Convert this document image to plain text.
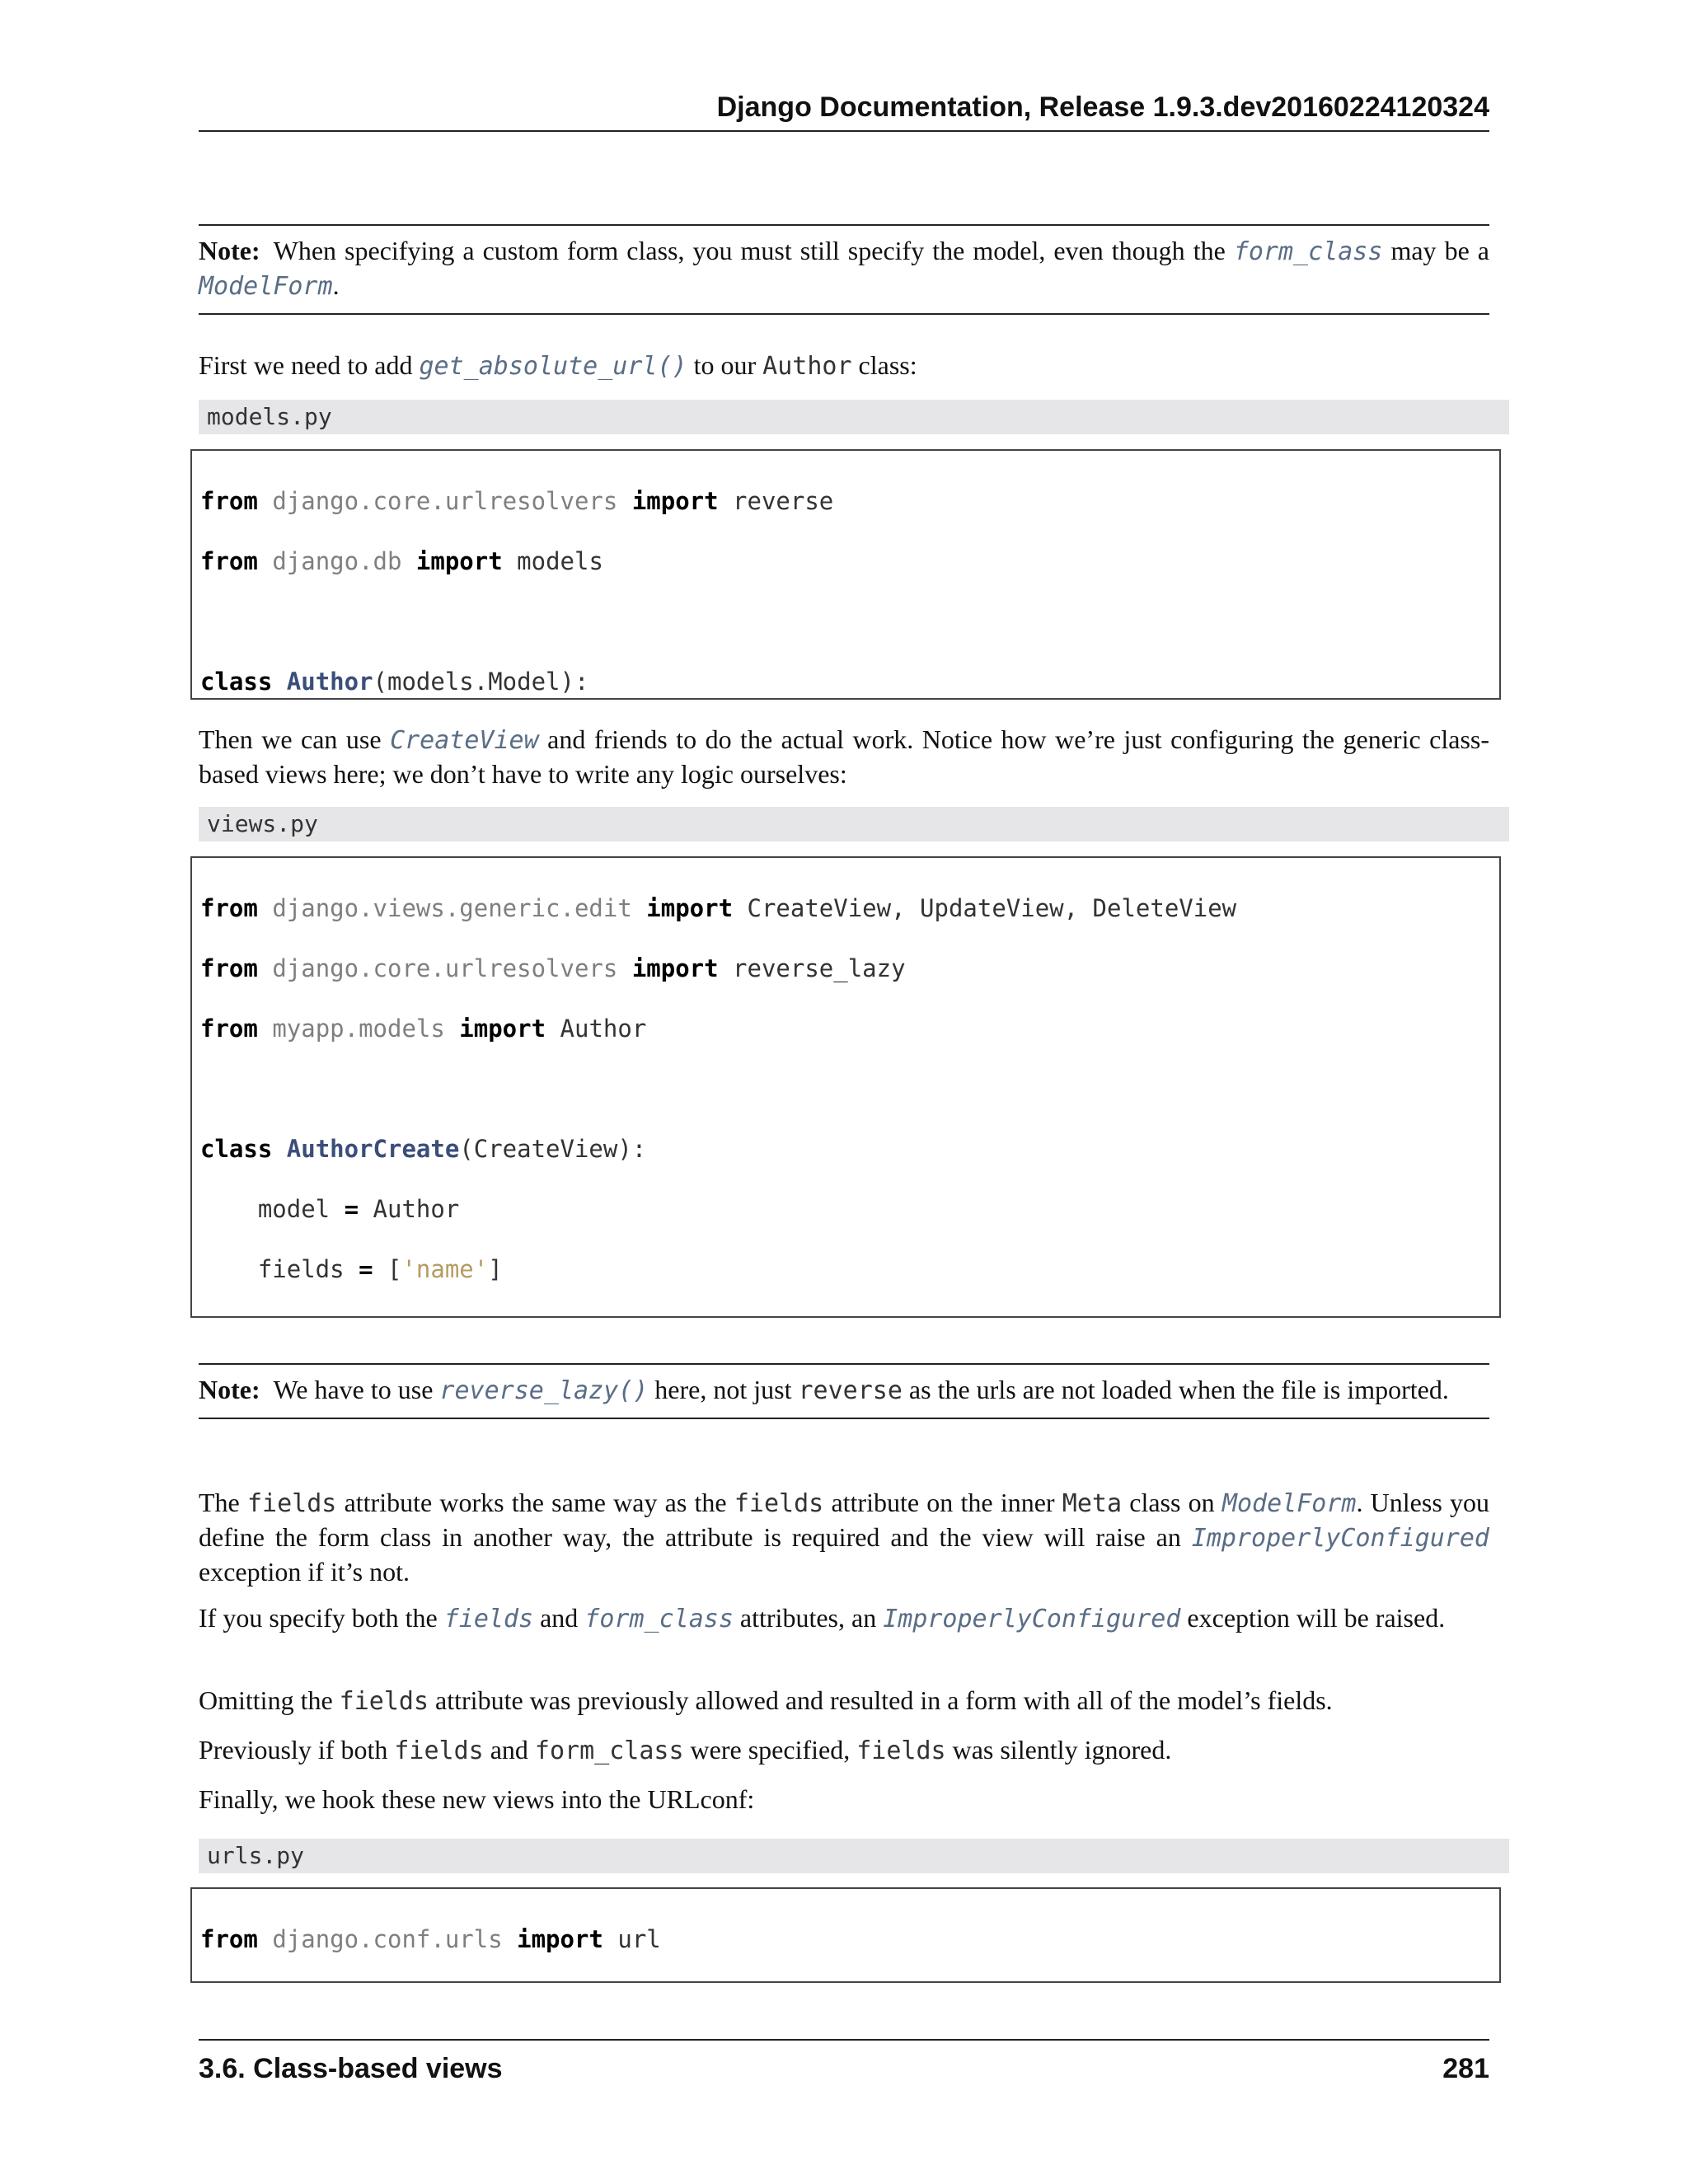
Django Documentation, Release 1.9.3.dev20160224120324
Note: When specifying a custom form class, you must still specify the model, even though the form_class may be a ModelForm.
First we need to add get_absolute_url() to our Author class:
models.py

from django.core.urlresolvers import reverse

from django.db import models

class Author(models.Model):

Then we can use CreateView and friends to do the actual work. Notice how we’re just configuring the generic class-based views here; we don’t have to write any logic ourselves:
views.py

from django.views.generic.edit import CreateView, UpdateView, DeleteView

from django.core.urlresolvers import reverse_lazy

from myapp.models import Author

class AuthorCreate(CreateView):

model = Author

fields = ['name']

Note: We have to use reverse_lazy() here, not just reverse as the urls are not loaded when the file is imported.
The fields attribute works the same way as the fields attribute on the inner Meta class on ModelForm. Unless you define the form class in another way, the attribute is required and the view will raise an ImproperlyConfigured exception if it’s not.
If you specify both the fields and form_class attributes, an ImproperlyConfigured exception will be raised.
Omitting the fields attribute was previously allowed and resulted in a form with all of the model’s fields.
Previously if both fields and form_class were specified, fields was silently ignored.
Finally, we hook these new views into the URLconf:
urls.py

from django.conf.urls import url

3.6. Class-based views	281
